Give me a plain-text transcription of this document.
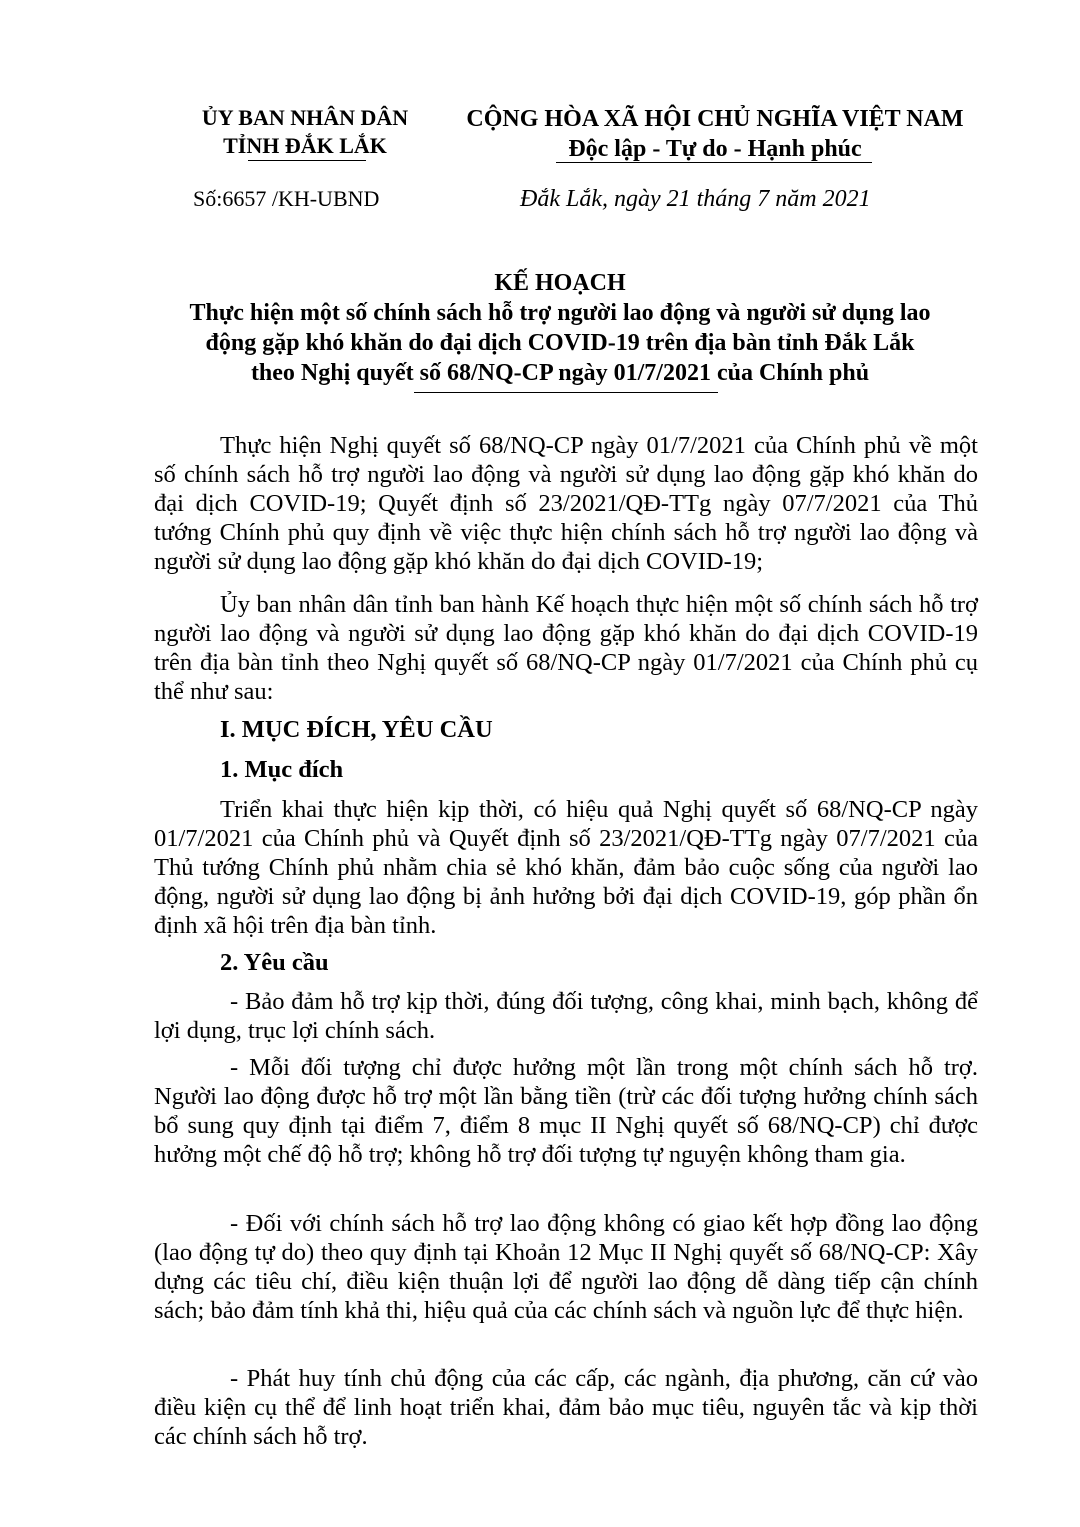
ỦY BAN NHÂN DÂN
TỈNH ĐẮK LẮK
CỘNG HÒA XÃ HỘI CHỦ NGHĨA VIỆT NAM
Độc lập - Tự do - Hạnh phúc
Số:6657 /KH-UBND	Đắk Lắk, ngày 21 tháng 7 năm 2021
KẾ HOẠCH
Thực hiện một số chính sách hỗ trợ người lao động và người sử dụng lao
động gặp khó khăn do đại dịch COVID-19 trên địa bàn tỉnh Đắk Lắk
theo Nghị quyết số 68/NQ-CP ngày 01/7/2021 của Chính phủ
Thực hiện Nghị quyết số 68/NQ-CP ngày 01/7/2021 của Chính phủ về một số chính sách hỗ trợ người lao động và người sử dụng lao động gặp khó khăn do đại dịch COVID-19; Quyết định số 23/2021/QĐ-TTg ngày 07/7/2021 của Thủ tướng Chính phủ quy định về việc thực hiện chính sách hỗ trợ người lao động và người sử dụng lao động gặp khó khăn do đại dịch COVID-19;
Ủy ban nhân dân tỉnh ban hành Kế hoạch thực hiện một số chính sách hỗ trợ người lao động và người sử dụng lao động gặp khó khăn do đại dịch COVID-19 trên địa bàn tỉnh theo Nghị quyết số 68/NQ-CP ngày 01/7/2021 của Chính phủ cụ thể như sau:
I. MỤC ĐÍCH, YÊU CẦU
1. Mục đích
Triển khai thực hiện kịp thời, có hiệu quả Nghị quyết số 68/NQ-CP ngày 01/7/2021 của Chính phủ và Quyết định số 23/2021/QĐ-TTg ngày 07/7/2021 của Thủ tướng Chính phủ nhằm chia sẻ khó khăn, đảm bảo cuộc sống của người lao động, người sử dụng lao động bị ảnh hưởng bởi đại dịch COVID-19, góp phần ổn định xã hội trên địa bàn tỉnh.
2. Yêu cầu
- Bảo đảm hỗ trợ kịp thời, đúng đối tượng, công khai, minh bạch, không để lợi dụng, trục lợi chính sách.
- Mỗi đối tượng chỉ được hưởng một lần trong một chính sách hỗ trợ. Người lao động được hỗ trợ một lần bằng tiền (trừ các đối tượng hưởng chính sách bổ sung quy định tại điểm 7, điểm 8 mục II Nghị quyết số 68/NQ-CP) chỉ được hưởng một chế độ hỗ trợ; không hỗ trợ đối tượng tự nguyện không tham gia.
- Đối với chính sách hỗ trợ lao động không có giao kết hợp đồng lao động (lao động tự do) theo quy định tại Khoản 12 Mục II Nghị quyết số 68/NQ-CP: Xây dựng các tiêu chí, điều kiện thuận lợi để người lao động dễ dàng tiếp cận chính sách; bảo đảm tính khả thi, hiệu quả của các chính sách và nguồn lực để thực hiện.
- Phát huy tính chủ động của các cấp, các ngành, địa phương, căn cứ vào điều kiện cụ thể để linh hoạt triển khai, đảm bảo mục tiêu, nguyên tắc và kịp thời các chính sách hỗ trợ.
